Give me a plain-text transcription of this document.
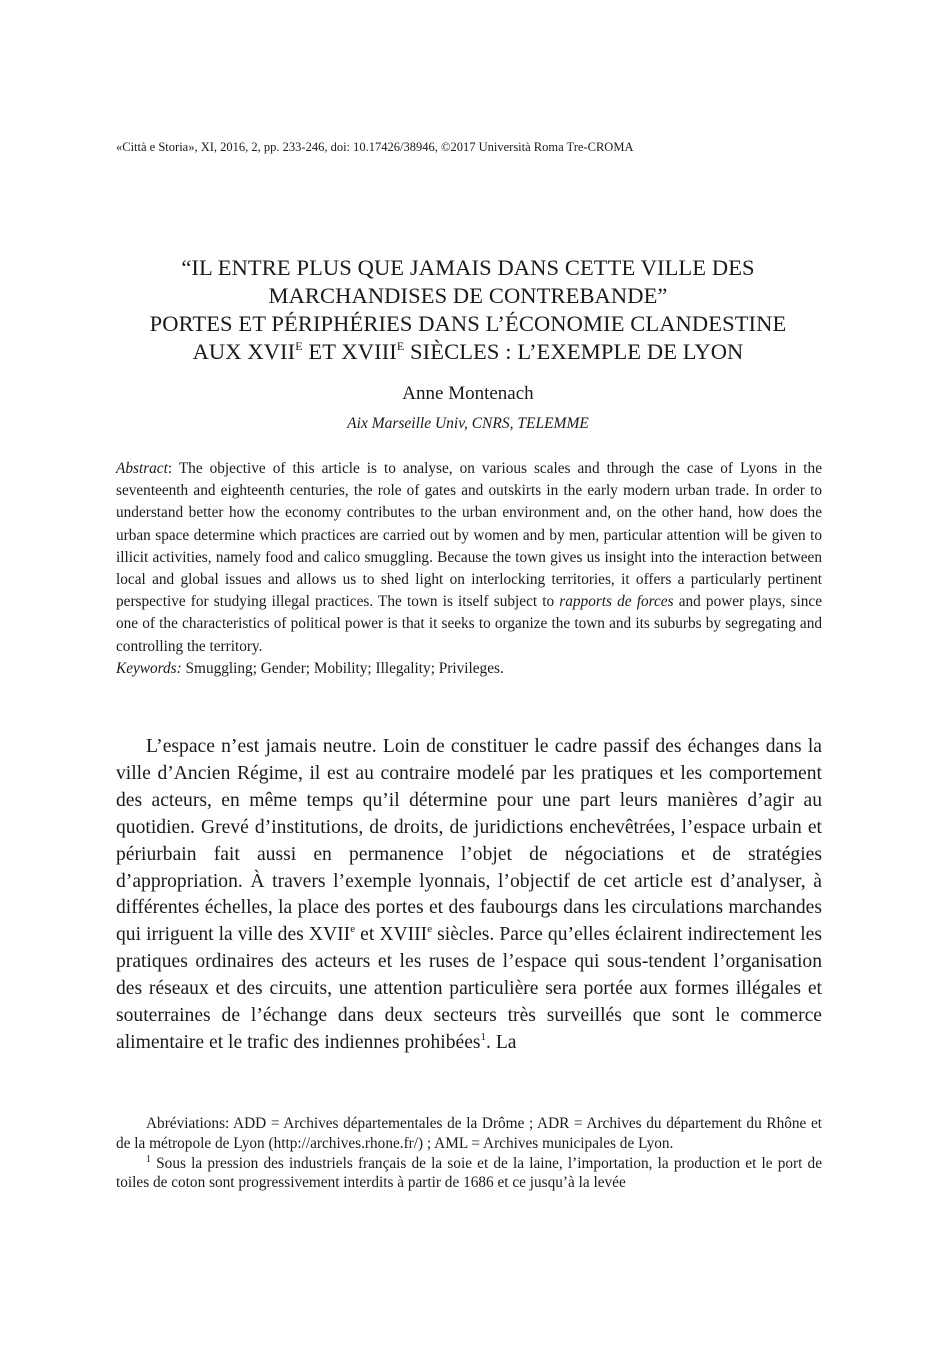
«Città e Storia», XI, 2016, 2, pp. 233-246, doi: 10.17426/38946, ©2017 Università Roma Tre-CROMA
“IL ENTRE PLUS QUE JAMAIS DANS CETTE VILLE DES
MARCHANDISES DE CONTREBANDE”
PORTES ET PÉRIPHÉRIES DANS L’ÉCONOMIE CLANDESTINE
AUX $XVII^E$ ET $XVIII^E$ SIÈCLES : L’EXEMPLE DE LYON
Anne Montenach
Aix Marseille Univ, CNRS, TELEMME

Abstract: The objective of this article is to analyse, on various scales and through the case of Lyons in the seventeenth and eighteenth centuries, the role of gates and outskirts in the early modern urban trade. In order to understand better how the economy contributes to the urban environment and, on the other hand, how does the urban space determine which practices are carried out by women and by men, particular attention will be given to illicit activities, namely food and calico smuggling. Because the town gives us insight into the interaction between local and global issues and allows us to shed light on interlocking territories, it offers a particularly pertinent perspective for studying illegal practices. The town is itself subject to rapports de forces and power plays, since one of the characteristics of political power is that it seeks to organize the town and its suburbs by segregating and controlling the territory.

Keywords: Smuggling; Gender; Mobility; Illegality; Privileges.

L’espace n’est jamais neutre. Loin de constituer le cadre passif des échanges dans la ville d’Ancien Régime, il est au contraire modelé par les pratiques et les comportement des acteurs, en même temps qu’il détermine pour une part leurs manières d’agir au quotidien. Grevé d’institutions, de droits, de juridictions enchevêtrées, l’espace urbain et périurbain fait aussi en permanence l’objet de négociations et de stratégies d’appropriation. À travers l’exemple lyonnais, l’objectif de cet article est d’analyser, à différentes échelles, la place des portes et des faubourgs dans les circulations marchandes qui irriguent la ville des XVIIe et XVIIIe siècles. Parce qu’elles éclairent indirectement les pratiques ordinaires des acteurs et les ruses de l’espace qui sous-tendent l’organisation des réseaux et des circuits, une attention particulière sera portée aux formes illégales et souterraines de l’échange dans deux secteurs très surveillés que sont le commerce alimentaire et le trafic des indiennes prohibées$^1$. La

Abréviations: ADD = Archives départementales de la Drôme ; ADR = Archives du département du Rhône et de la métropole de Lyon (http://archives.rhone.fr/) ; AML = Archives municipales de Lyon.

$^1$ Sous la pression des industriels français de la soie et de la laine, l’importation, la production et le port de toiles de coton sont progressivement interdits à partir de 1686 et ce jusqu’à la levée
